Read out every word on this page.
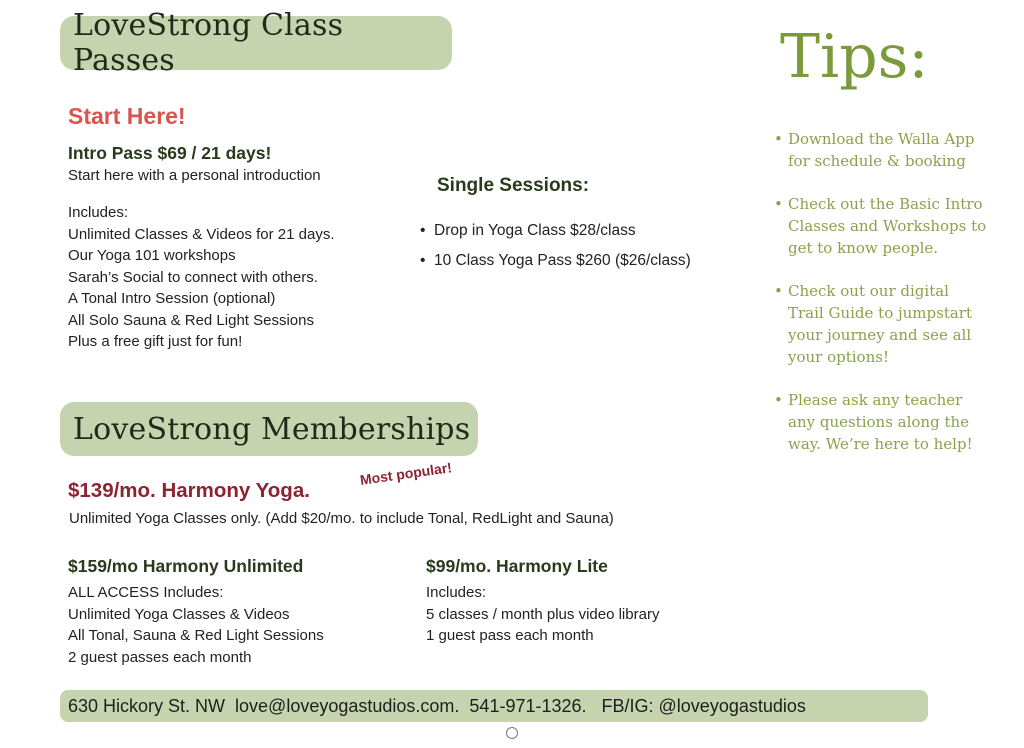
LoveStrong Class Passes
Start Here!
Intro Pass $69 / 21 days!
Start here with a personal introduction
Includes:
Unlimited Classes & Videos for 21 days.
Our Yoga 101 workshops
Sarah’s Social to connect with others.
A Tonal Intro Session (optional)
All Solo Sauna & Red Light Sessions
Plus a free gift just for fun!
Single Sessions:
• Drop in Yoga Class $28/class
• 10 Class Yoga Pass $260 ($26/class)
Tips:
• Download the Walla App for schedule & booking
• Check out the Basic Intro Classes and Workshops to get to know people.
• Check out our digital Trail Guide to jumpstart your journey and see all your options!
• Please ask any teacher any questions along the way. We’re here to help!
LoveStrong Memberships
$139/mo. Harmony Yoga.
Most popular!
Unlimited Yoga Classes only. (Add $20/mo. to include Tonal, RedLight and Sauna)
$159/mo Harmony Unlimited
ALL ACCESS Includes:
Unlimited Yoga Classes & Videos
All Tonal, Sauna & Red Light Sessions
2 guest passes each month
$99/mo. Harmony Lite
Includes:
5 classes / month plus video library
1 guest pass each month
630 Hickory St. NW  love@loveyogastudios.com.  541-971-1326.   FB/IG: @loveyogastudios
